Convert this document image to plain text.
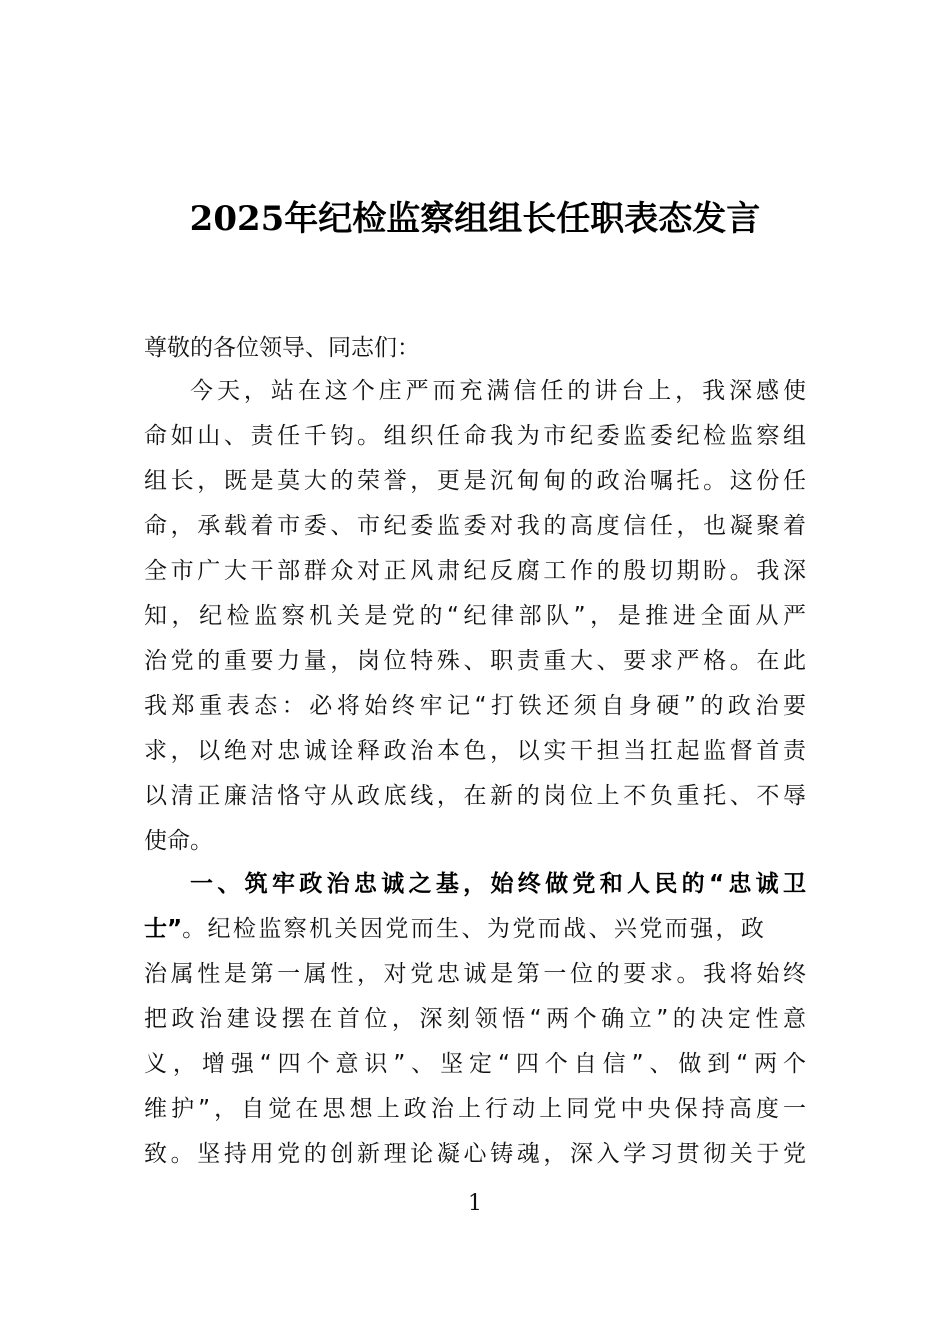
2025年纪检监察组组长任职表态发言
尊敬的各位领导、同志们：
今天，站在这个庄严而充满信任的讲台上，我深感使
命如山、责任千钧。组织任命我为市纪委监委纪检监察组
组长，既是莫大的荣誉，更是沉甸甸的政治嘱托。这份任
命，承载着市委、市纪委监委对我的高度信任，也凝聚着
全市广大干部群众对正风肃纪反腐工作的殷切期盼。我深
知，纪检监察机关是党的“纪律部队”，是推进全面从严
治党的重要力量，岗位特殊、职责重大、要求严格。在此
我郑重表态：必将始终牢记“打铁还须自身硬”的政治要
求，以绝对忠诚诠释政治本色，以实干担当扛起监督首责
以清正廉洁恪守从政底线，在新的岗位上不负重托、不辱
使命。
一、筑牢政治忠诚之基，始终做党和人民的“忠诚卫
士”。纪检监察机关因党而生、为党而战、兴党而强，政
治属性是第一属性，对党忠诚是第一位的要求。我将始终
把政治建设摆在首位，深刻领悟“两个确立”的决定性意
义，增强“四个意识”、坚定“四个自信”、做到“两个
维护”，自觉在思想上政治上行动上同党中央保持高度一
致。坚持用党的创新理论凝心铸魂，深入学习贯彻关于党
1
